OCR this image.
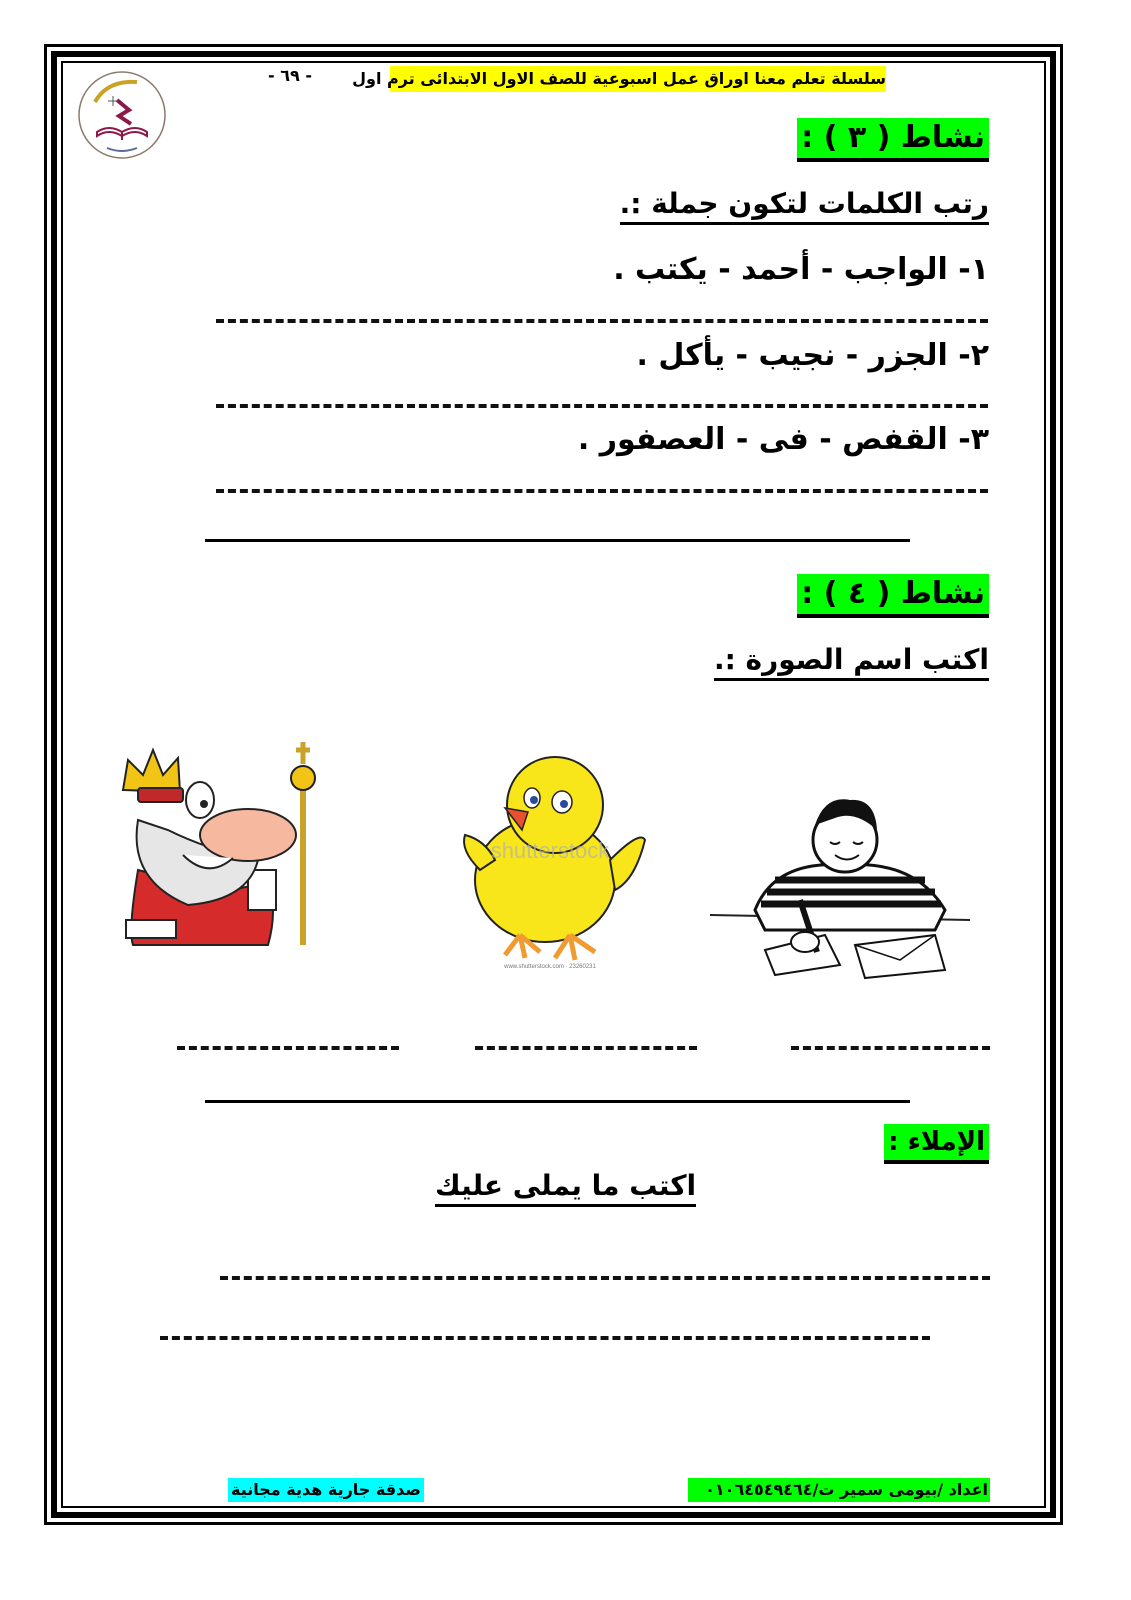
- ٦٩ -	سلسلة تعلم معنا اوراق عمل اسبوعية للصف الاول الابتدائى ترم اول
نشاط ( ٣ ) :
رتب الكلمات لتكون جملة :.
١- الواجب - أحمد - يكتب .
٢- الجزر - نجيب - يأكل .
٣- القفص - فى - العصفور .
نشاط ( ٤ ) :
اكتب اسم الصورة :.
shutterstock
www.shutterstock.com · 23260231
الإملاء :
اكتب ما يملى عليك
صدقة جارية هدية مجانية	اعداد /بيومى سمير ت/٠١٠٦٤٥٤٩٤٦٤
